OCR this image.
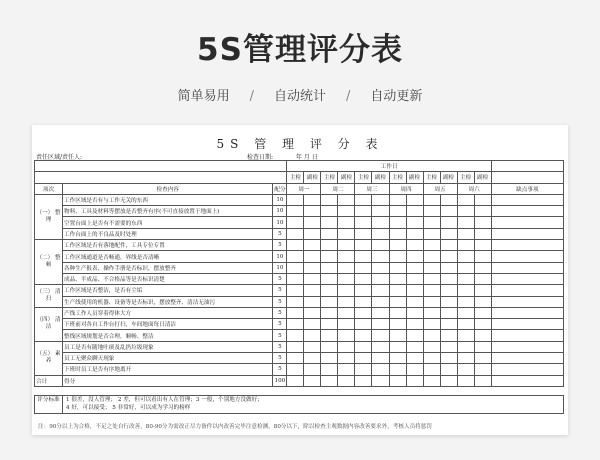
5S管理评分表
简单易用 / 自动统计 / 自动更新
5S 管 理 评 分 表
责任区域/责任人:	检查日期:	年 月 日
			工作日												
			主检	副检	主检	副检	主检	副检	主检	副检	主检	副检	主检	副检	
项次	检查内容	配分	周一		周二		周三		周四		周五		周六		缺点事项
（一） 整理	工作区域是否有与工作无关的东西	10													
	物料、工具及材料等摆放是否整齐有序(不可直接放置于地面上)	10													
	空置台面上是否有不需要的东西	10													
	工作台面上的不良品及时处理	5													
（二） 整顿	工作区域是否有落地配件，工具专位专置	5													
	工作区域通道是否畅通，界线是否清晰	10													
	各种生产报表、操作手册是否标识，摆放整齐	10													
	成品、半成品、不合格品等是否标识清楚	5													
（三） 清扫	工作区域是否整洁，是否有尘垢	5													
	生产线使用的机器、设备等是否标识，摆放整齐、清洁无油污	5													
（四） 清洁	产线工作人员穿着得体大方	5													
	下班前对各自工作台打扫，车间地面每日清洁	5													
	整线区域规划是否合理，顺畅、整洁	5													
（五） 素养	员工是否有随地吐痰及乱扔垃圾现象	5													
	员工无聚众聊天现象	5													
	下班时员工是否有序地离开	5													
合计	得分	100													
评分标准	1 很差，没人管理； 2 差，但可以看出有人在管理；3 一般，个别地方没做好；
4 好，可以接受； 5 非常好，可以成为学习的榜样
注：90分以上为合格，不足之处自行改善，80-90分为需改正尽力备件以内改善完毕注意检测，80分以下，除以检查主观数据内容改善要求外，考核人员将惩罚
